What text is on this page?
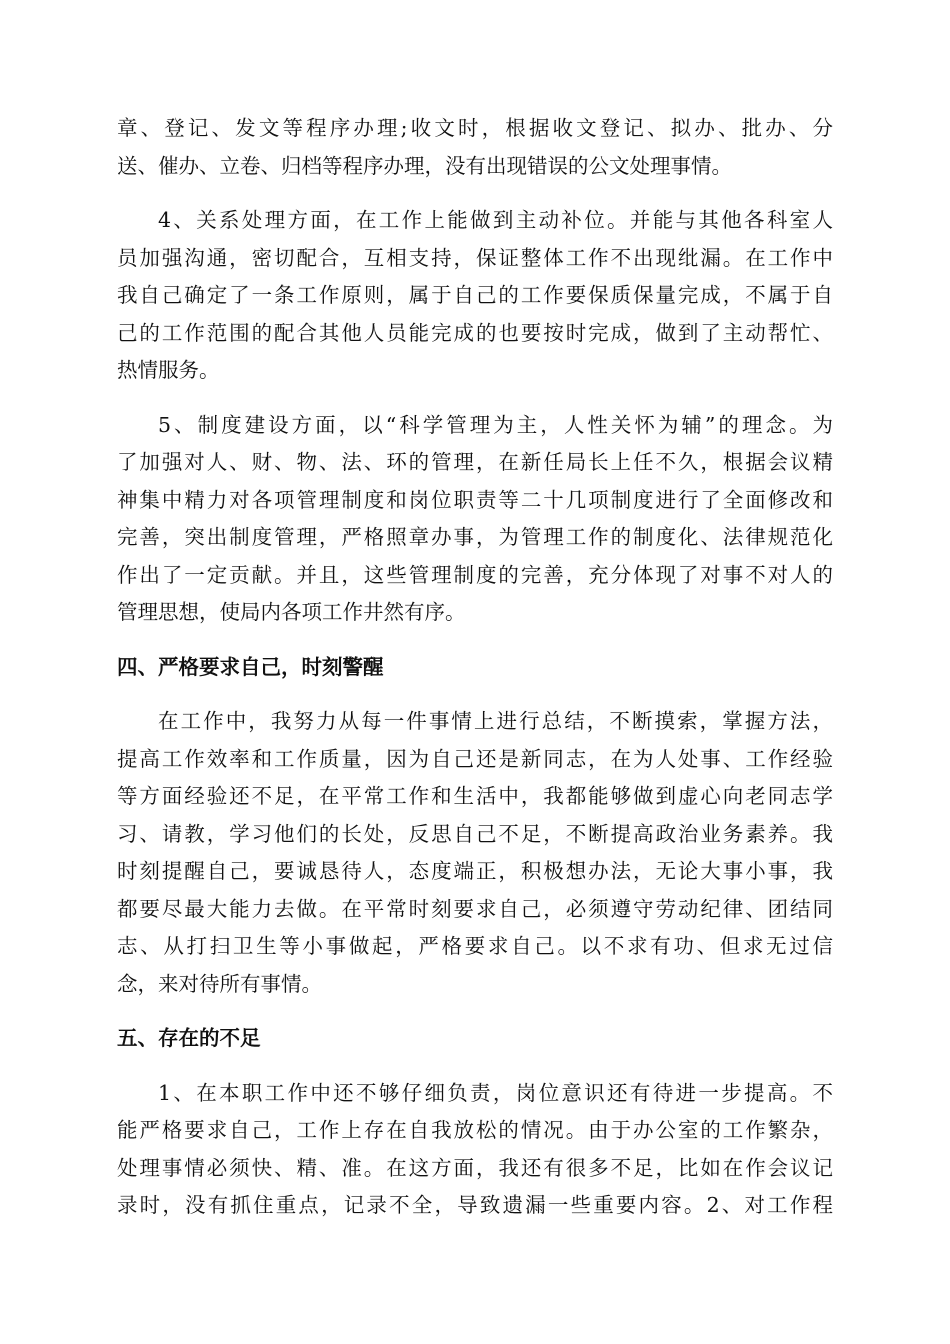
章、登记、发文等程序办理;收文时，根据收文登记、拟办、批办、分
送、催办、立卷、归档等程序办理，没有出现错误的公文处理事情。
4、关系处理方面，在工作上能做到主动补位。并能与其他各科室人
员加强沟通，密切配合，互相支持，保证整体工作不出现纰漏。在工作中
我自己确定了一条工作原则，属于自己的工作要保质保量完成，不属于自
己的工作范围的配合其他人员能完成的也要按时完成，做到了主动帮忙、
热情服务。
5、制度建设方面，以“科学管理为主，人性关怀为辅”的理念。为
了加强对人、财、物、法、环的管理，在新任局长上任不久，根据会议精
神集中精力对各项管理制度和岗位职责等二十几项制度进行了全面修改和
完善，突出制度管理，严格照章办事，为管理工作的制度化、法律规范化
作出了一定贡献。并且，这些管理制度的完善，充分体现了对事不对人的
管理思想，使局内各项工作井然有序。
四、严格要求自己，时刻警醒
在工作中，我努力从每一件事情上进行总结，不断摸索，掌握方法，
提高工作效率和工作质量，因为自己还是新同志，在为人处事、工作经验
等方面经验还不足，在平常工作和生活中，我都能够做到虚心向老同志学
习、请教，学习他们的长处，反思自己不足，不断提高政治业务素养。我
时刻提醒自己，要诚恳待人，态度端正，积极想办法，无论大事小事，我
都要尽最大能力去做。在平常时刻要求自己，必须遵守劳动纪律、团结同
志、从打扫卫生等小事做起，严格要求自己。以不求有功、但求无过信
念，来对待所有事情。
五、存在的不足
1、在本职工作中还不够仔细负责，岗位意识还有待进一步提高。不
能严格要求自己，工作上存在自我放松的情况。由于办公室的工作繁杂，
处理事情必须快、精、准。在这方面，我还有很多不足，比如在作会议记
录时，没有抓住重点，记录不全，导致遗漏一些重要内容。2、对工作程
